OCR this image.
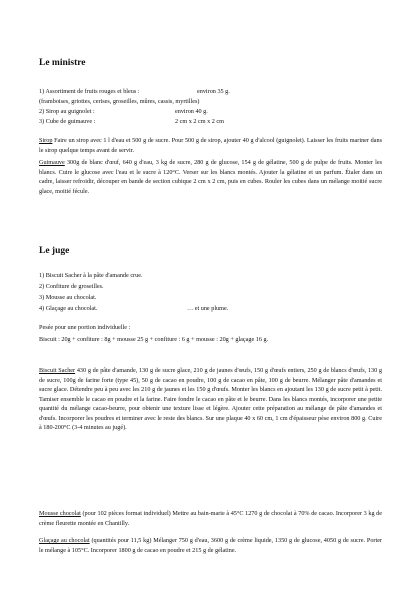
Le ministre
1) Assortiment de fruits rouges et bleus :	environ 35 g.
(framboises, griottes, cerises, groseilles, mûres, cassis, myrtilles)
2) Sirop au guignolet :	environ 40 g.
3) Cube de guimauve :	2 cm x 2 cm x 2 cm
Sirop Faire un sirop avec 1 l d'eau et 500 g de sucre. Pour 500 g de sirop, ajouter 40 g d'alcool (guignolet). Laisser les fruits mariner dans le sirop quelque temps avant de servir.
Guimauve 300g de blanc d'œuf, 640 g d'eau, 3 kg de sucre, 280 g de glucose, 154 g de gélatine, 500 g de pulpe de fruits. Monter les blancs. Cuire le glucose avec l'eau et le sucre à 120°C. Verser sur les blancs montés. Ajouter la gélatine et un parfum. Étaler dans un cadre, laisser refroidir, découper en bande de section cubique 2 cm x 2 cm, puis en cubes. Rouler les cubes dans un mélange moitié sucre glace, moitié fécule.
Le juge
1) Biscuit Sacher à la pâte d'amande crue.
2) Confiture de groseilles.
3) Mousse au chocolat.
4) Glaçage au chocolat.	… et une plume.
Pesée pour une portion individuelle :
Biscuit : 20g + confiture : 8g + mousse 25 g + confiture : 6 g + mousse : 20g + glaçage 16 g.
Biscuit Sacher 430 g de pâte d'amande, 130 g de sucre glace, 210 g de jaunes d'œufs, 150 g d'œufs entiers, 250 g de blancs d'œufs, 130 g de sucre, 100g de farine forte (type 45), 50 g de cacao en poudre, 100 g de cacao en pâte, 100 g de beurre. Mélanger pâte d'amandes et sucre glace. Détendre peu à peu avec les 210 g de jaunes et les 150 g d'œufs. Monter les blancs en ajoutant les 130 g de sucre petit à petit. Tamiser ensemble le cacao en poudre et la farine. Faire fondre le cacao en pâte et le beurre. Dans les blancs montés, incorporer une petite quantité du mélange cacao-beurre, pour obtenir une texture lisse et légère. Ajouter cette préparation au mélange de pâte d'amandes et d'œufs. Incorporer les poudres et terminer avec le reste des blancs. Sur une plaque 40 x 60 cm, 1 cm d'épaisseur pèse environ 800 g. Cuire à 180-200°C (3-4 minutes au jugé).
Mousse chocolat (pour 102 pièces format individuel) Mettre au bain-marie à 45°C 1270 g de chocolat à 70% de cacao. Incorporer 3 kg de crème fleurette montée en Chantilly.
Glaçage au chocolat (quantités pour 11,5 kg) Mélanger 750 g d'eau, 3600 g de crème liquide, 1350 g de glucose, 4050 g de sucre. Porter le mélange à 105°C. Incorporer 1800 g de cacao en poudre et 215 g de gélatine.
